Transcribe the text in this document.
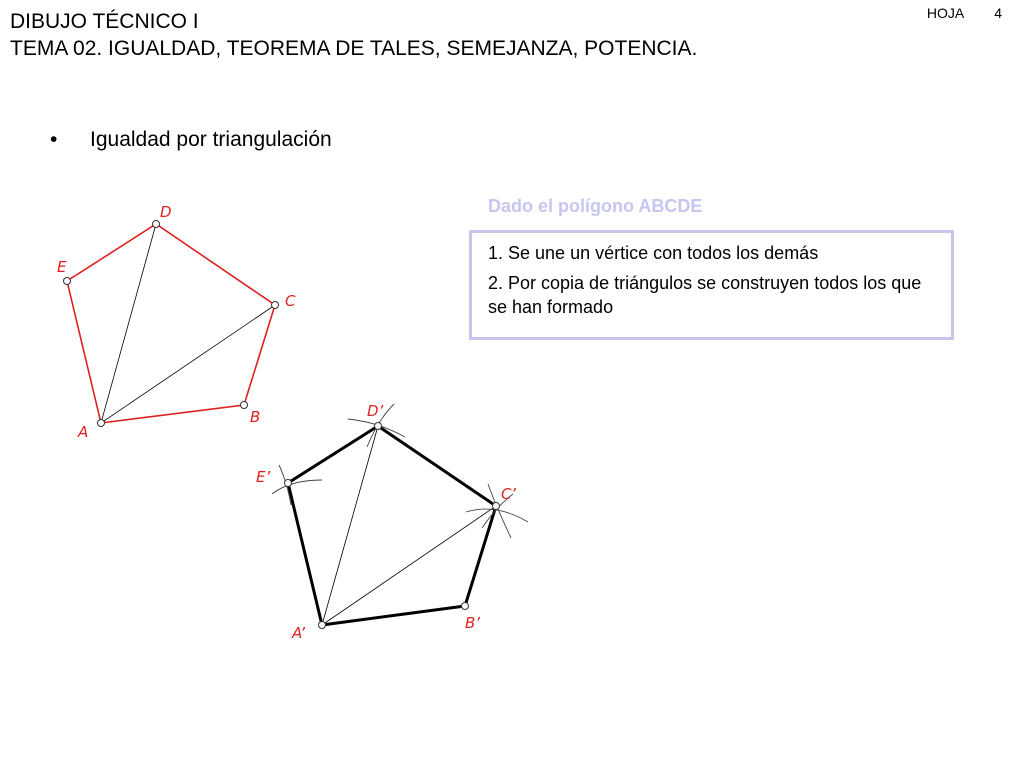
DIBUJO TÉCNICO I
TEMA 02. IGUALDAD, TEOREMA DE TALES, SEMEJANZA, POTENCIA.
HOJA 4
• Igualdad por triangulación
Dado el polígono ABCDE

1. Se une un vértice con todos los demás

2. Por copia de triángulos se construyen todos los que se han formado

A
B
C
D
E
A’
B’
C’
D’
E’
